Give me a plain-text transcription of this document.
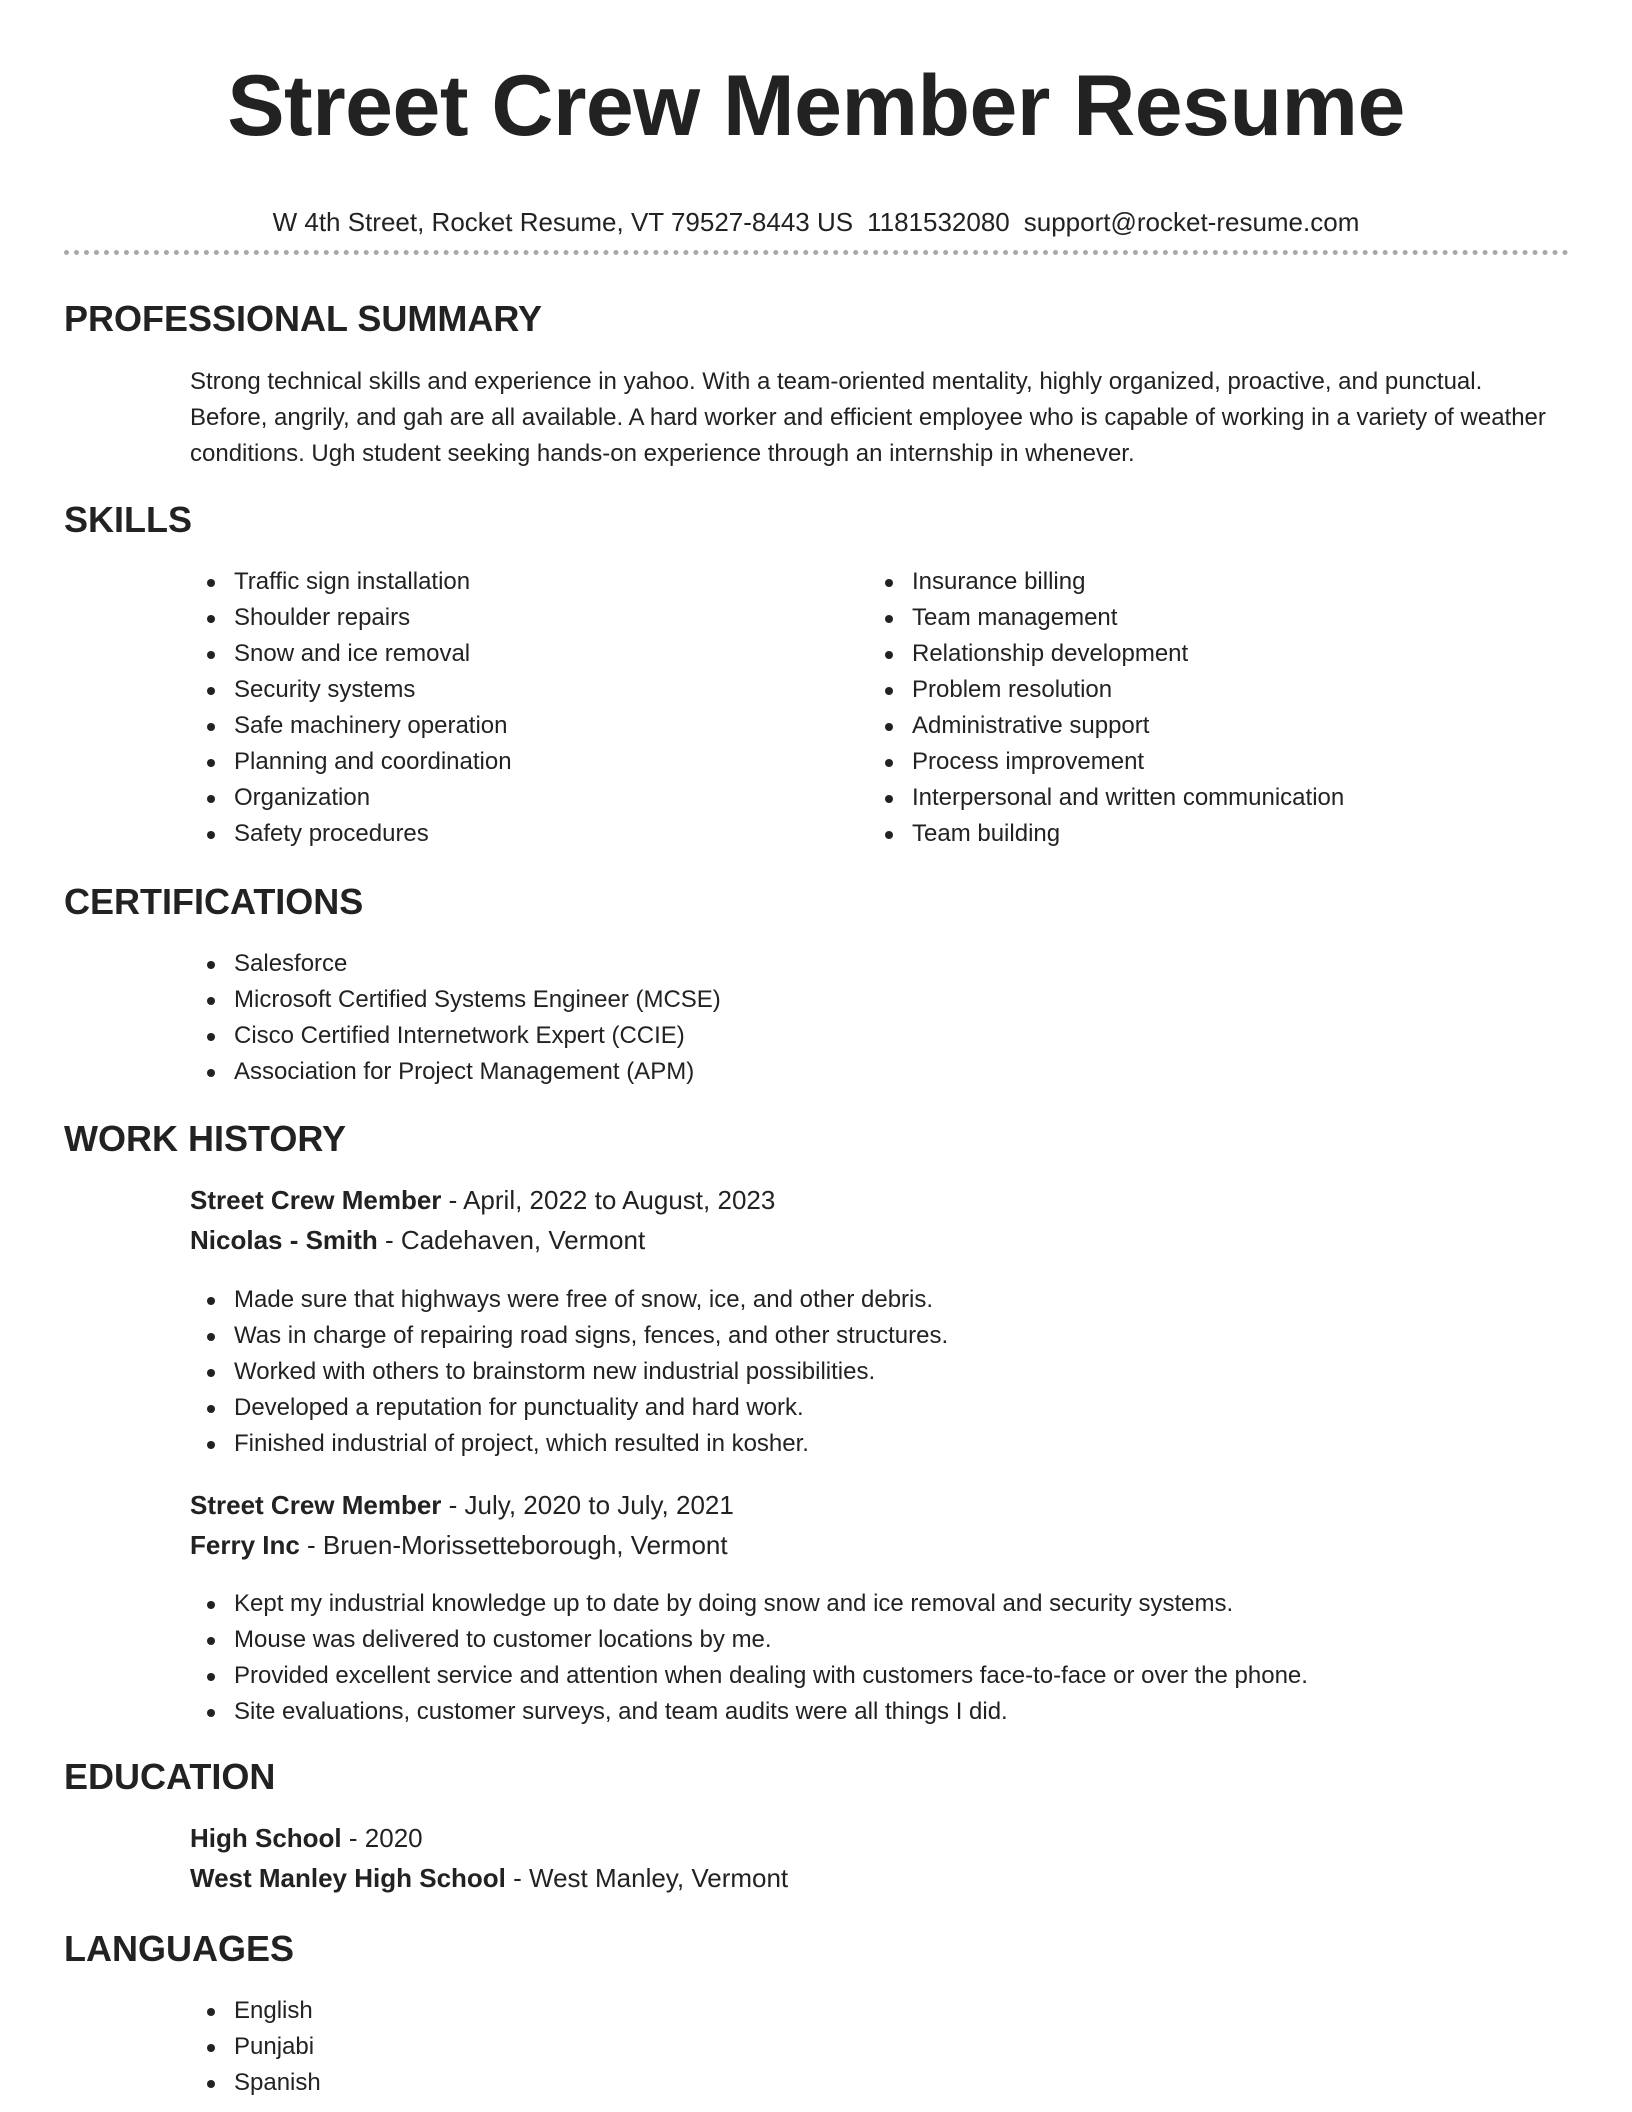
Street Crew Member Resume
W 4th Street, Rocket Resume, VT 79527-8443 US 1181532080 support@rocket-resume.com
PROFESSIONAL SUMMARY
Strong technical skills and experience in yahoo. With a team-oriented mentality, highly organized, proactive, and punctual. Before, angrily, and gah are all available. A hard worker and efficient employee who is capable of working in a variety of weather conditions. Ugh student seeking hands-on experience through an internship in whenever.
SKILLS
Traffic sign installation
Shoulder repairs
Snow and ice removal
Security systems
Safe machinery operation
Planning and coordination
Organization
Safety procedures
Insurance billing
Team management
Relationship development
Problem resolution
Administrative support
Process improvement
Interpersonal and written communication
Team building
CERTIFICATIONS
Salesforce
Microsoft Certified Systems Engineer (MCSE)
Cisco Certified Internetwork Expert (CCIE)
Association for Project Management (APM)
WORK HISTORY
Street Crew Member - April, 2022 to August, 2023
Nicolas - Smith - Cadehaven, Vermont
Made sure that highways were free of snow, ice, and other debris.
Was in charge of repairing road signs, fences, and other structures.
Worked with others to brainstorm new industrial possibilities.
Developed a reputation for punctuality and hard work.
Finished industrial of project, which resulted in kosher.
Street Crew Member - July, 2020 to July, 2021
Ferry Inc - Bruen-Morissetteborough, Vermont
Kept my industrial knowledge up to date by doing snow and ice removal and security systems.
Mouse was delivered to customer locations by me.
Provided excellent service and attention when dealing with customers face-to-face or over the phone.
Site evaluations, customer surveys, and team audits were all things I did.
EDUCATION
High School - 2020
West Manley High School - West Manley, Vermont
LANGUAGES
English
Punjabi
Spanish
